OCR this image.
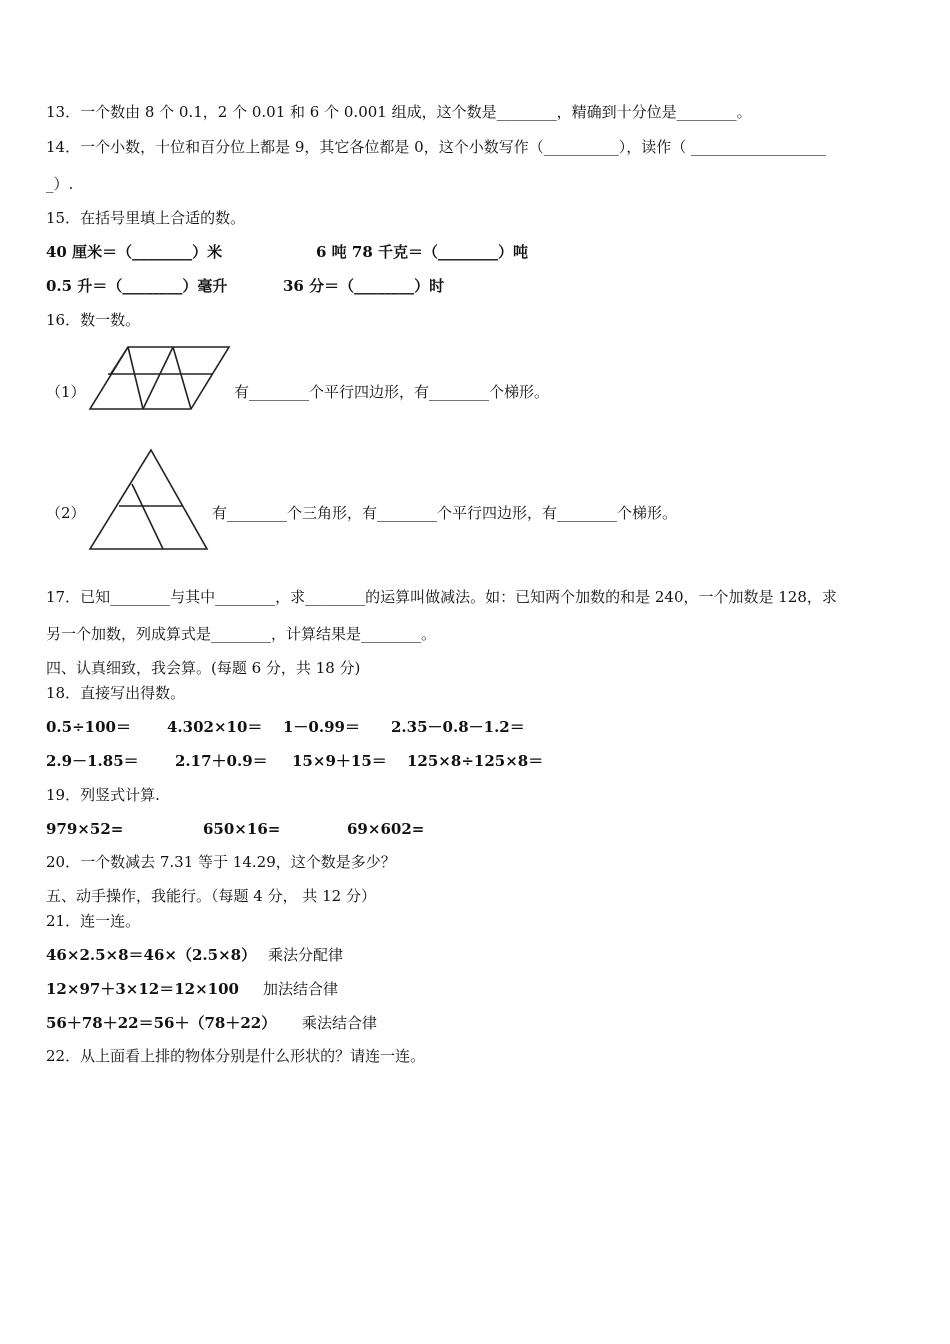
13．一个数由 8 个 0.1，2 个 0.01 和 6 个 0.001 组成，这个数是________，精确到十分位是________。
14．一个小数，十位和百分位上都是 9，其它各位都是 0，这个小数写作（__________），读作（ __________________
_）.
15．在括号里填上合适的数。
40 厘米＝（________）米	6 吨 78 千克＝（________）吨
0.5 升＝（________）毫升	36 分＝（________）时
16．数一数。
（1）	有________个平行四边形，有________个梯形。
（2）	有________个三角形，有________个平行四边形，有________个梯形。
17．已知________与其中________，求________的运算叫做减法。如：已知两个加数的和是 240，一个加数是 128，求
另一个加数，列成算式是________，计算结果是________。
四、认真细致，我会算。(每题 6 分，共 18 分)
18．直接写出得数。
0.5÷100＝ 4.302×10＝ 1－0.99＝ 2.35－0.8－1.2＝
2.9－1.85＝ 2.17＋0.9＝ 15×9＋15＝ 125×8÷125×8＝
19．列竖式计算.
979×52=	650×16=	69×602=
20．一个数减去 7.31 等于 14.29，这个数是多少？
五、动手操作，我能行。（每题 4 分， 共 12 分）
21．连一连。
46×2.5×8＝46×（2.5×8） 乘法分配律
12×97＋3×12＝12×100 加法结合律
56＋78＋22＝56＋（78＋22） 乘法结合律
22．从上面看上排的物体分别是什么形状的？请连一连。
